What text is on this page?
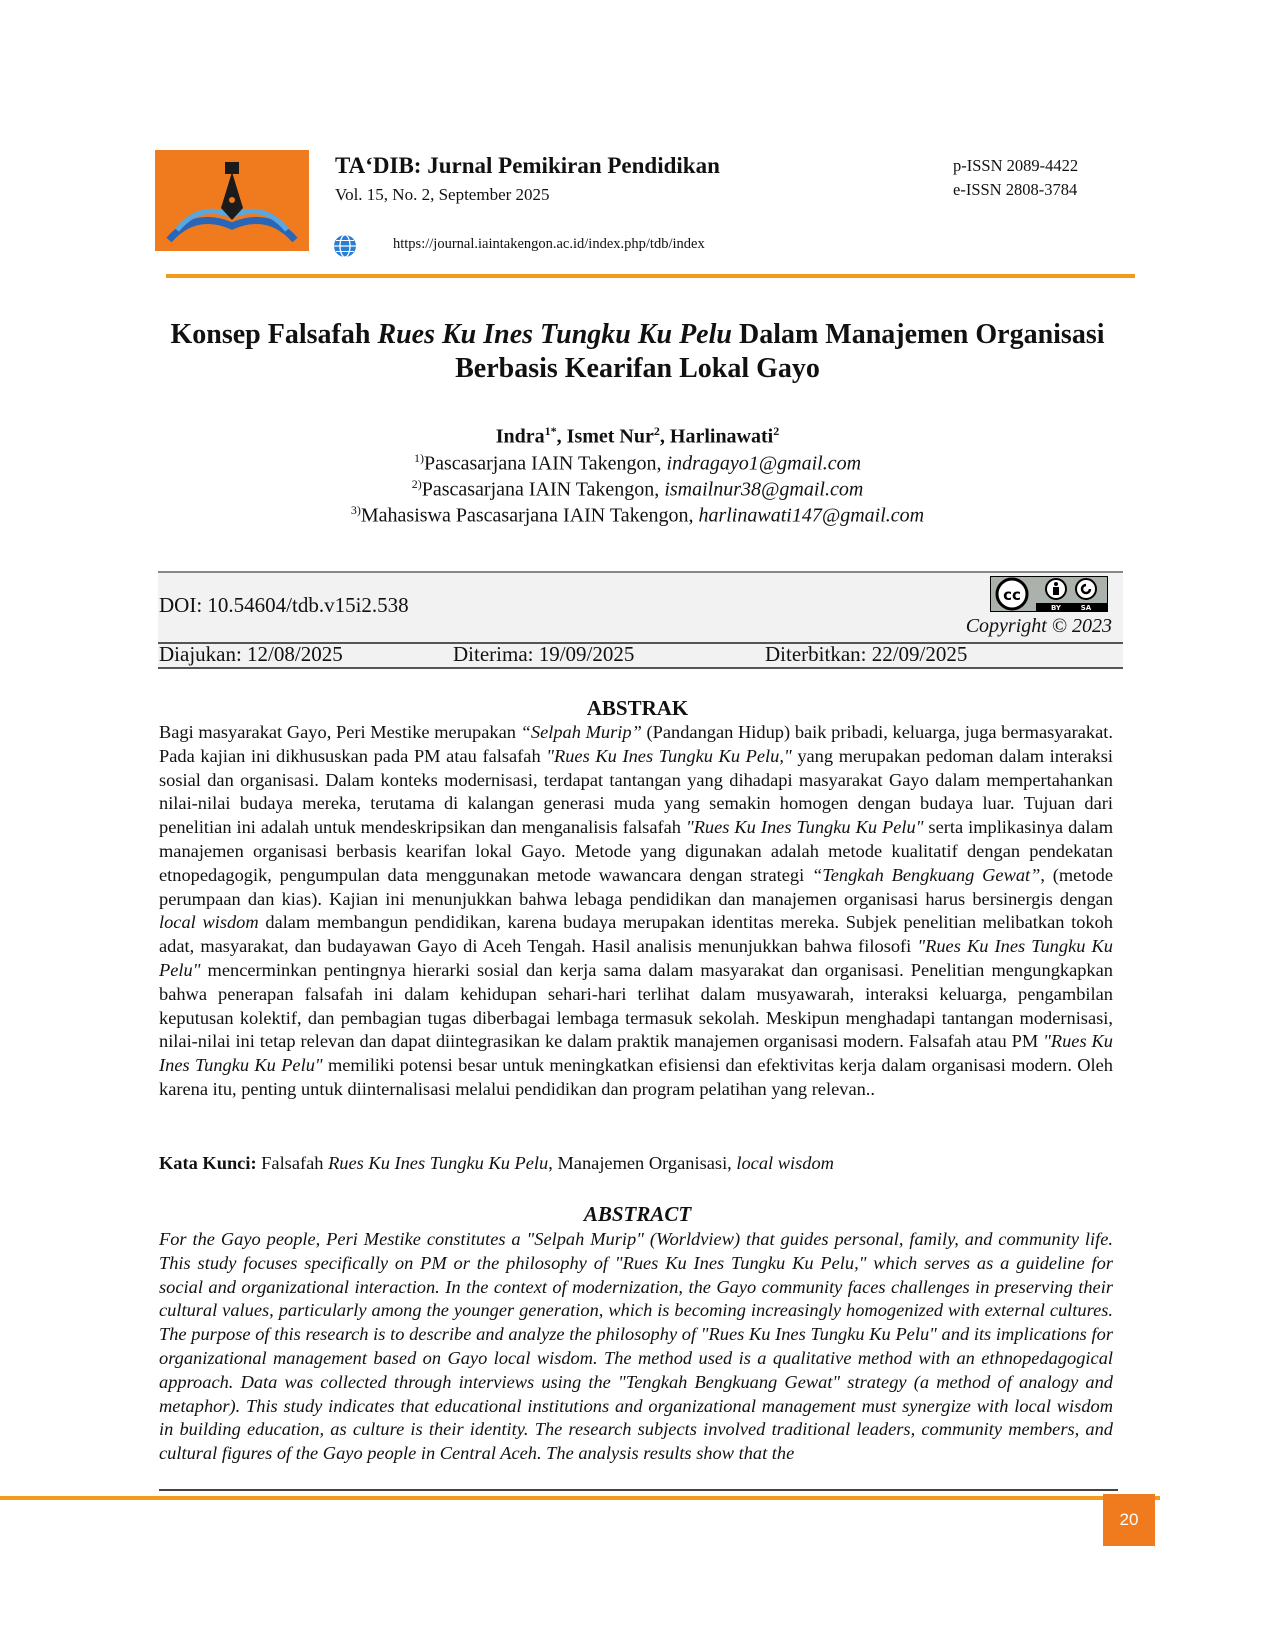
TA‘DIB: Jurnal Pemikiran Pendidikan
Vol. 15, No. 2, September 2025
https://journal.iaintakengon.ac.id/index.php/tdb/index
p-ISSN 2089-4422
e-ISSN 2808-3784
Konsep Falsafah Rues Ku Ines Tungku Ku Pelu Dalam Manajemen Organisasi
Berbasis Kearifan Lokal Gayo
Indra$^{1*}$, Ismet Nur$^2$, Harlinawati$^2$
$^{1)}$Pascasarjana IAIN Takengon, indragayo1@gmail.com
$^{2)}$Pascasarjana IAIN Takengon, ismailnur38@gmail.com
$^{3)}$Mahasiswa Pascasarjana IAIN Takengon, harlinawati147@gmail.com
DOI: 10.54604/tdb.v15i2.538	cc
BY	SA
Copyright © 2023
Diajukan: 12/08/2025	Diterima: 19/09/2025	Diterbitkan: 22/09/2025
ABSTRAK
Bagi masyarakat Gayo, Peri Mestike merupakan “Selpah Murip” (Pandangan Hidup) baik pribadi, keluarga, juga bermasyarakat. Pada kajian ini dikhususkan pada PM atau falsafah "Rues Ku Ines Tungku Ku Pelu," yang merupakan pedoman dalam interaksi sosial dan organisasi. Dalam konteks modernisasi, terdapat tantangan yang dihadapi masyarakat Gayo dalam mempertahankan nilai-nilai budaya mereka, terutama di kalangan generasi muda yang semakin homogen dengan budaya luar. Tujuan dari penelitian ini adalah untuk mendeskripsikan dan menganalisis falsafah "Rues Ku Ines Tungku Ku Pelu" serta implikasinya dalam manajemen organisasi berbasis kearifan lokal Gayo. Metode yang digunakan adalah metode kualitatif dengan pendekatan etnopedagogik, pengumpulan data menggunakan metode wawancara dengan strategi “Tengkah Bengkuang Gewat”, (metode perumpaan dan kias). Kajian ini menunjukkan bahwa lebaga pendidikan dan manajemen organisasi harus bersinergis dengan local wisdom dalam membangun pendidikan, karena budaya merupakan identitas mereka. Subjek penelitian melibatkan tokoh adat, masyarakat, dan budayawan Gayo di Aceh Tengah. Hasil analisis menunjukkan bahwa filosofi "Rues Ku Ines Tungku Ku Pelu" mencerminkan pentingnya hierarki sosial dan kerja sama dalam masyarakat dan organisasi. Penelitian mengungkapkan bahwa penerapan falsafah ini dalam kehidupan sehari-hari terlihat dalam musyawarah, interaksi keluarga, pengambilan keputusan kolektif, dan pembagian tugas diberbagai lembaga termasuk sekolah. Meskipun menghadapi tantangan modernisasi, nilai-nilai ini tetap relevan dan dapat diintegrasikan ke dalam praktik manajemen organisasi modern. Falsafah atau PM "Rues Ku Ines Tungku Ku Pelu" memiliki potensi besar untuk meningkatkan efisiensi dan efektivitas kerja dalam organisasi modern. Oleh karena itu, penting untuk diinternalisasi melalui pendidikan dan program pelatihan yang relevan..
Kata Kunci: Falsafah Rues Ku Ines Tungku Ku Pelu, Manajemen Organisasi, local wisdom
ABSTRACT
For the Gayo people, Peri Mestike constitutes a "Selpah Murip" (Worldview) that guides personal, family, and community life. This study focuses specifically on PM or the philosophy of "Rues Ku Ines Tungku Ku Pelu," which serves as a guideline for social and organizational interaction. In the context of modernization, the Gayo community faces challenges in preserving their cultural values, particularly among the younger generation, which is becoming increasingly homogenized with external cultures. The purpose of this research is to describe and analyze the philosophy of "Rues Ku Ines Tungku Ku Pelu" and its implications for organizational management based on Gayo local wisdom. The method used is a qualitative method with an ethnopedagogical approach. Data was collected through interviews using the "Tengkah Bengkuang Gewat" strategy (a method of analogy and metaphor). This study indicates that educational institutions and organizational management must synergize with local wisdom in building education, as culture is their identity. The research subjects involved traditional leaders, community members, and cultural figures of the Gayo people in Central Aceh. The analysis results show that the
20
